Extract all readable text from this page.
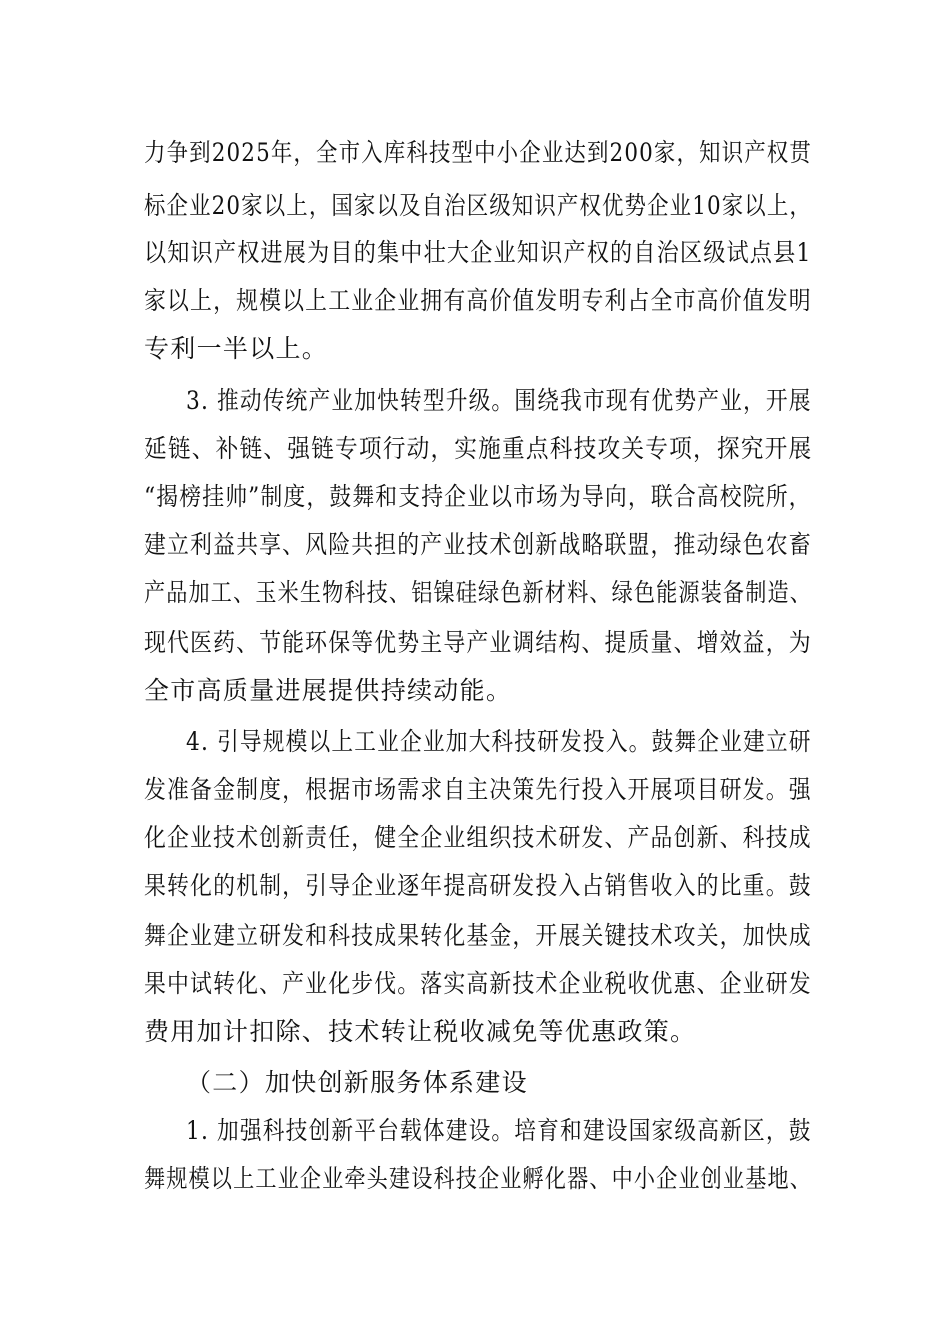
力争到2025年，全市入库科技型中小企业达到200家，知识产权贯
标企业20家以上，国家以及自治区级知识产权优势企业10家以上，
以知识产权进展为目的集中壮大企业知识产权的自治区级试点县1
家以上，规模以上工业企业拥有高价值发明专利占全市高价值发明
专利一半以上。
3. 推动传统产业加快转型升级。围绕我市现有优势产业，开展
延链、补链、强链专项行动，实施重点科技攻关专项，探究开展
“揭榜挂帅”制度，鼓舞和支持企业以市场为导向，联合高校院所，
建立利益共享、风险共担的产业技术创新战略联盟，推动绿色农畜
产品加工、玉米生物科技、铝镍硅绿色新材料、绿色能源装备制造、
现代医药、节能环保等优势主导产业调结构、提质量、增效益，为
全市高质量进展提供持续动能。
4. 引导规模以上工业企业加大科技研发投入。鼓舞企业建立研
发准备金制度，根据市场需求自主决策先行投入开展项目研发。强
化企业技术创新责任，健全企业组织技术研发、产品创新、科技成
果转化的机制，引导企业逐年提高研发投入占销售收入的比重。鼓
舞企业建立研发和科技成果转化基金，开展关键技术攻关，加快成
果中试转化、产业化步伐。落实高新技术企业税收优惠、企业研发
费用加计扣除、技术转让税收减免等优惠政策。
（二）加快创新服务体系建设
1. 加强科技创新平台载体建设。培育和建设国家级高新区，鼓
舞规模以上工业企业牵头建设科技企业孵化器、中小企业创业基地、
